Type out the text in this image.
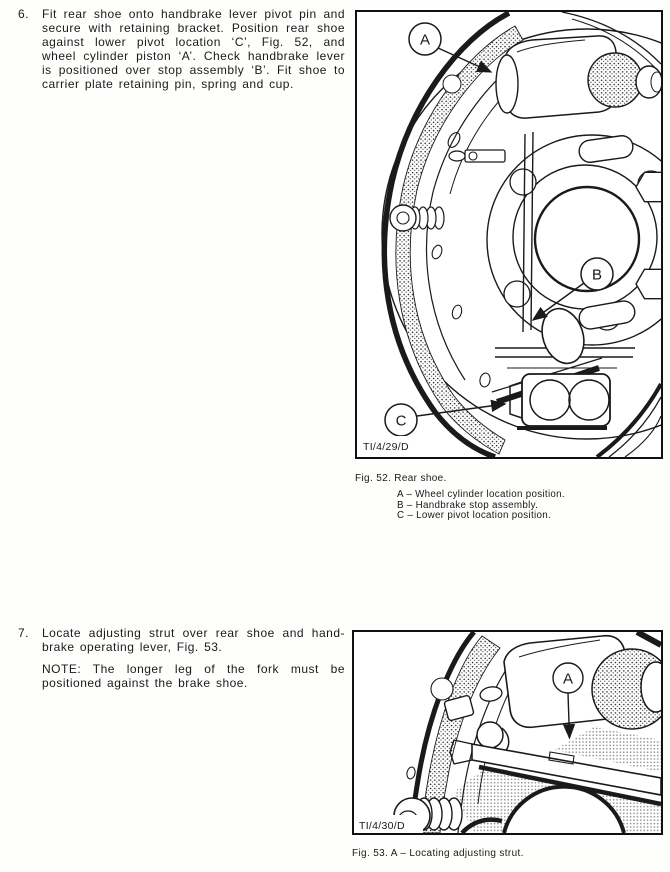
6.	Fit rear shoe onto handbrake lever pivot pin and secure with retaining bracket. Position rear shoe against lower pivot location ‘C’, Fig. 52, and wheel cylinder piston ‘A’. Check handbrake lever is positioned over stop assembly ‘B’. Fit shoe to carrier plate retaining pin, spring and cup.

A
B
C
TI/4/29/D
Fig. 52. Rear shoe.
A – Wheel cylinder location position.
B – Handbrake stop assembly.
C – Lower pivot location position.
7.	Locate adjusting strut over rear shoe and hand-brake operating lever, Fig. 53.

NOTE: The longer leg of the fork must be positioned against the brake shoe.	A
TI/4/30/D
Fig. 53. A – Locating adjusting strut.
